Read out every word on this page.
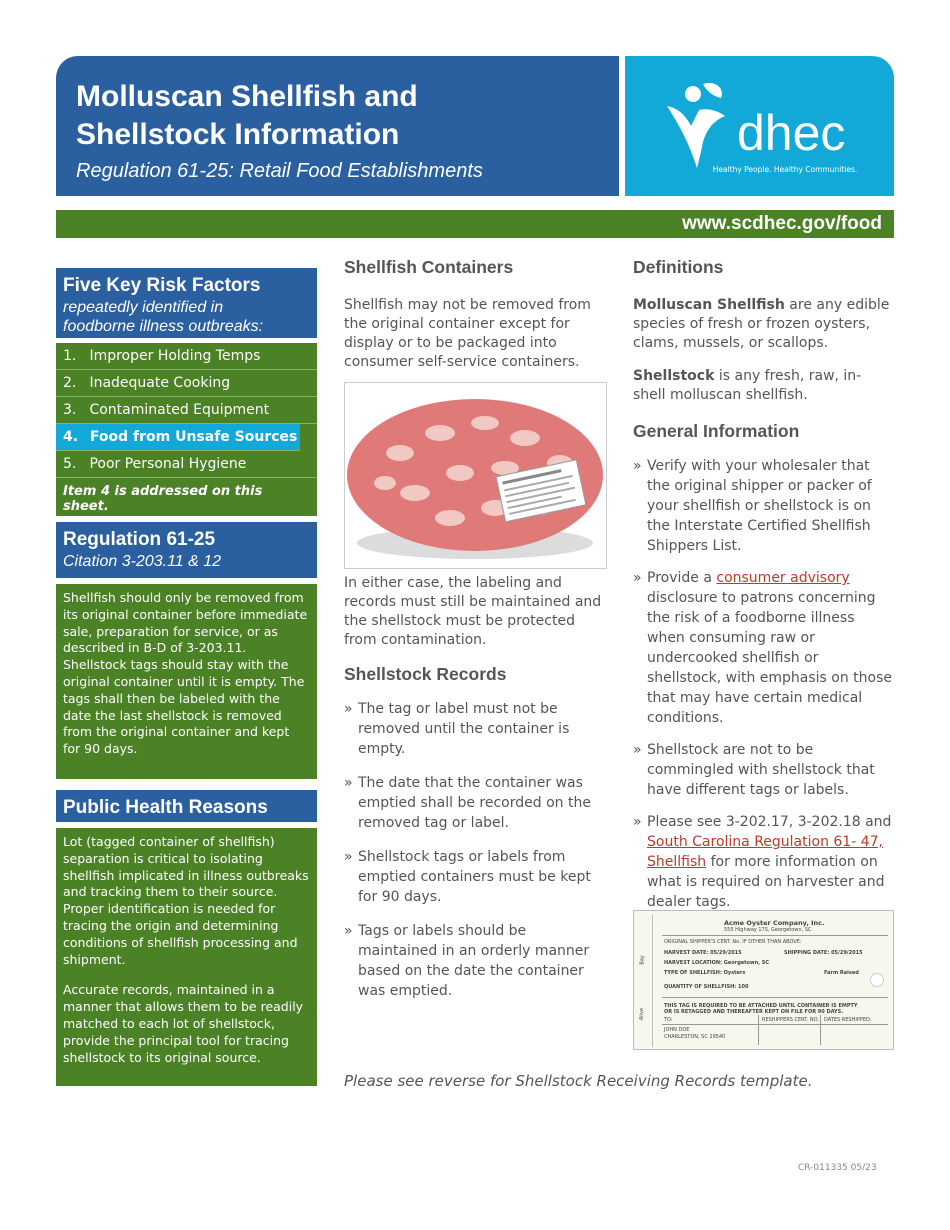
Molluscan Shellfish and
Shellstock Information
Regulation 61-25: Retail Food Establishments
dhec
Healthy People. Healthy Communities.
www.scdhec.gov/food
Five Key Risk Factors
repeatedly identified in
foodborne illness outbreaks:
1. Improper Holding Temps
2. Inadequate Cooking
3. Contaminated Equipment
4. Food from Unsafe Sources
5. Poor Personal Hygiene
Item 4 is addressed on this sheet.
Regulation 61-25
Citation 3-203.11 & 12

Shellfish should only be removed from its original container before immediate sale, preparation for service, or as described in B-D of 3-203.11. Shellstock tags should stay with the original container until it is empty. The tags shall then be labeled with the date the last shellstock is removed from the original container and kept for 90 days.

Public Health Reasons

Lot (tagged container of shellfish) separation is critical to isolating shellfish implicated in illness outbreaks and tracking them to their source. Proper identification is needed for tracing the origin and determining conditions of shellfish processing and shipment.

Accurate records, maintained in a manner that allows them to be readily matched to each lot of shellstock, provide the principal tool for tracing shellstock to its original source.

Shellfish Containers

Shellfish may not be removed from the original container except for display or to be packaged into consumer self-service containers.

In either case, the labeling and records must still be maintained and the shellstock must be protected from contamination.

Shellstock Records
» The tag or label must not be removed until the container is empty.
» The date that the container was emptied shall be recorded on the removed tag or label.
» Shellstock tags or labels from emptied containers must be kept for 90 days.
» Tags or labels should be maintained in an orderly manner based on the date the container was emptied.
Definitions

Molluscan Shellfish are any edible species of fresh or frozen oysters, clams, mussels, or scallops.

Shellstock is any fresh, raw, in-shell molluscan shellfish.

General Information
» Verify with your wholesaler that the original shipper or packer of your shellfish or shellstock is on the Interstate Certified Shellfish Shippers List.
» Provide a consumer advisory disclosure to patrons concerning the risk of a foodborne illness when consuming raw or undercooked shellfish or shellstock, with emphasis on those that may have certain medical conditions.
» Shellstock are not to be commingled with shellstock that have different tags or labels.
» Please see 3-202.17, 3-202.18 and South Carolina Regulation 61- 47, Shellfish for more information on what is required on harvester and dealer tags.
Acme Oyster Company, Inc.
555 Highway 17S, Georgetown, SC
ORIGINAL SHIPPER'S CERT. No. IF OTHER THAN ABOVE:
HARVEST DATE: 05/29/2015	SHIPPING DATE: 05/29/2015
HARVEST LOCATION: Georgetown, SC
TYPE OF SHELLFISH: Oysters	Farm Raised
QUANTITY OF SHELLFISH: 100
THIS TAG IS REQUIRED TO BE ATTACHED UNTIL CONTAINER IS EMPTY
OR IS RETAGGED AND THEREAFTER KEPT ON FILE FOR 90 DAYS.
TO:	RESHIPPERS CERT. NO. DATES RESHIPPED:
JOHN DOE
CHARLESTON, SC 29540
Bay
Alive
Please see reverse for Shellstock Receiving Records template.
CR-011335 05/23
